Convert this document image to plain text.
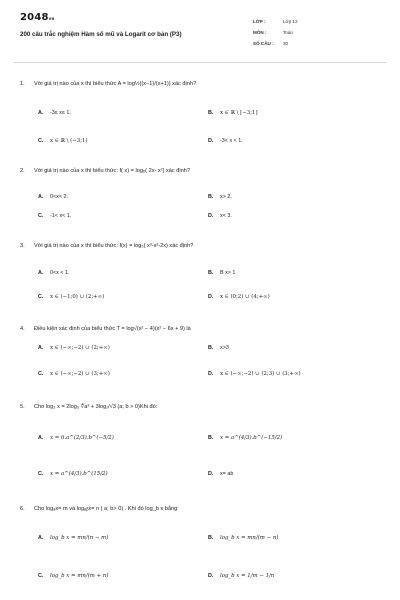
2048vn
200 câu trắc nghiệm Hàm số mũ và Logarit cơ bản (P3)
LỚP :	Lớp 12
MÔN :	Toán
SỐ CÂU :	30
1.	Với giá trị nào của x thì biểu thức A = log½((x−1)/(x+1)) xác định?
A.	-3≤ x≤ 1.	B.	x ∈ ℝ \ [−3;1]
C.	x ∈ ℝ \ (−3;1)	D.	-3< x < 1.
2.	Với giá trị nào của x thì biểu thức: f( x) = log₆( 2x- x²) xác định?
A.	0<x< 2.	B.	x> 2.
C.	-1< x< 1.	D.	x< 3.
3.	Với giá trị nào của x thì biểu thức: f(x) = log₅( x³-x²-2x) xác định?
A.	0<x < 1.	B.	B x> 1
C.	x ∈ (−1;0) ∪ (2;+∞)	D.	x ∈ (0;2) ∪ (4;+∞)
4.	Điều kiện xác định của biểu thức T = log√(x² − 4)(x² − 6x + 9) là
A.	x ∈ (−∞;−2) ∪ (2;+∞)	B.	x>3
C.	x ∈ (−∞;−2) ∪ (3;+∞)	D.	x ∈ (−∞;−2) ∪ (2;3) ∪ (3;+∞)
5.	Cho log₃ x = 2log₃ ∜a³ + 3log₁/√3 (a; b > 0)Khi đó:
A.	x = 6.a^(2/3).b^(−5/2)	B.	x = a^(4/3).b^(−15/2)
C.	x = a^(4/3).b^(15/2)	D.	x= ab
6.	Cho logₐx= m và logₐᵦx= n ( a; b> 0) . Khi đó log_b x bằng
A.	log_b x = mn/(n − m)	B.	log_b x = mn/(m − n)
C.	log_b x = mn/(m + n)	D.	log_b x = 1/m − 1/n
